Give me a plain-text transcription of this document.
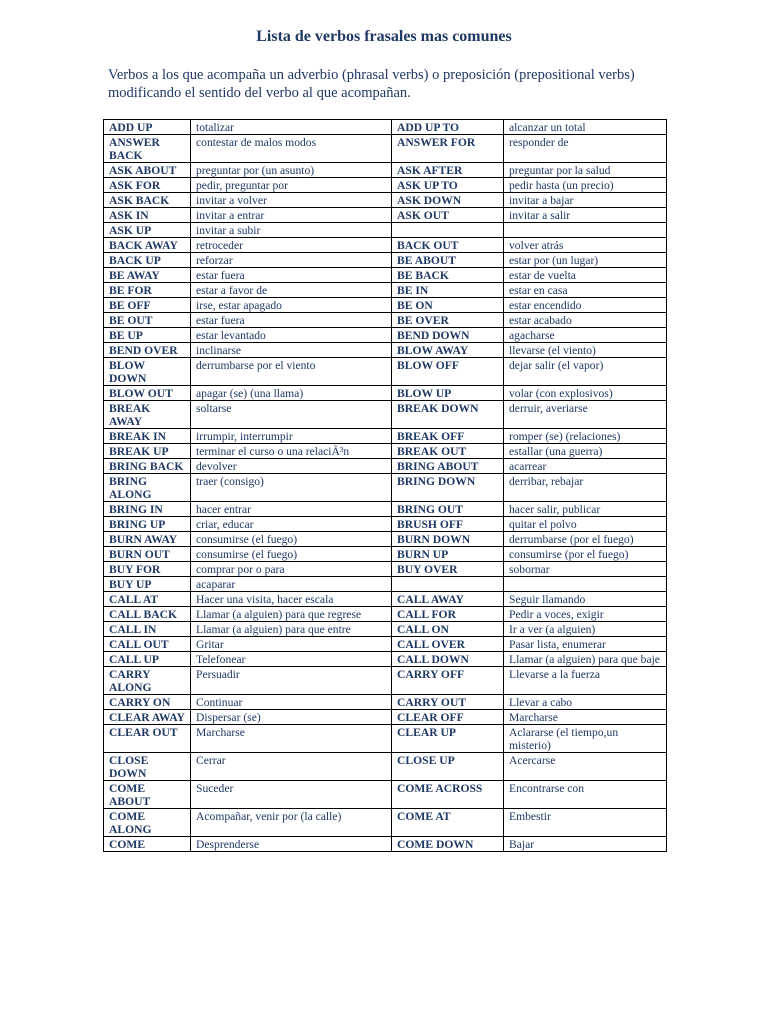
Lista de verbos frasales mas comunes
Verbos a los que acompaña un adverbio (phrasal verbs) o preposición (prepositional verbs) modificando el sentido del verbo al que acompañan.
ADD UP	totalizar	ADD UP TO	alcanzar un total
ANSWER BACK	contestar de malos modos	ANSWER FOR	responder de
ASK ABOUT	preguntar por (un asunto)	ASK AFTER	preguntar por la salud
ASK FOR	pedir, preguntar por	ASK UP TO	pedir hasta (un precio)
ASK BACK	invitar a volver	ASK DOWN	invitar a bajar
ASK IN	invitar a entrar	ASK OUT	invitar a salir
ASK UP	invitar a subir		
BACK AWAY	retroceder	BACK OUT	volver atrás
BACK UP	reforzar	BE ABOUT	estar por (un lugar)
BE AWAY	estar fuera	BE BACK	estar de vuelta
BE FOR	estar a favor de	BE IN	estar en casa
BE OFF	irse, estar apagado	BE ON	estar encendido
BE OUT	estar fuera	BE OVER	estar acabado
BE UP	estar levantado	BEND DOWN	agacharse
BEND OVER	inclinarse	BLOW AWAY	llevarse (el viento)
BLOW DOWN	derrumbarse por el viento	BLOW OFF	dejar salir (el vapor)
BLOW OUT	apagar (se) (una llama)	BLOW UP	volar (con explosivos)
BREAK AWAY	soltarse	BREAK DOWN	derruir, averiarse
BREAK IN	irrumpir, interrumpir	BREAK OFF	romper (se) (relaciones)
BREAK UP	terminar el curso o una relaciÃ³n	BREAK OUT	estallar (una guerra)
BRING BACK	devolver	BRING ABOUT	acarrear
BRING ALONG	traer (consigo)	BRING DOWN	derribar, rebajar
BRING IN	hacer entrar	BRING OUT	hacer salir, publicar
BRING UP	criar, educar	BRUSH OFF	quitar el polvo
BURN AWAY	consumirse (el fuego)	BURN DOWN	derrumbarse (por el fuego)
BURN OUT	consumirse (el fuego)	BURN UP	consumirse (por el fuego)
BUY FOR	comprar por o para	BUY OVER	sobornar
BUY UP	acaparar		
CALL AT	Hacer una visita, hacer escala	CALL AWAY	Seguir llamando
CALL BACK	Llamar (a alguien) para que regrese	CALL FOR	Pedir a voces, exigir
CALL IN	Llamar (a alguien) para que entre	CALL ON	Ir a ver (a alguien)
CALL OUT	Gritar	CALL OVER	Pasar lista, enumerar
CALL UP	Telefonear	CALL DOWN	Llamar (a alguien) para que baje
CARRY ALONG	Persuadir	CARRY OFF	Llevarse a la fuerza
CARRY ON	Continuar	CARRY OUT	Llevar a cabo
CLEAR AWAY	Dispersar (se)	CLEAR OFF	Marcharse
CLEAR OUT	Marcharse	CLEAR UP	Aclararse (el tiempo,un misterio)
CLOSE DOWN	Cerrar	CLOSE UP	Acercarse
COME ABOUT	Suceder	COME ACROSS	Encontrarse con
COME ALONG	Acompañar, venir por (la calle)	COME AT	Embestir
COME	Desprenderse	COME DOWN	Bajar
